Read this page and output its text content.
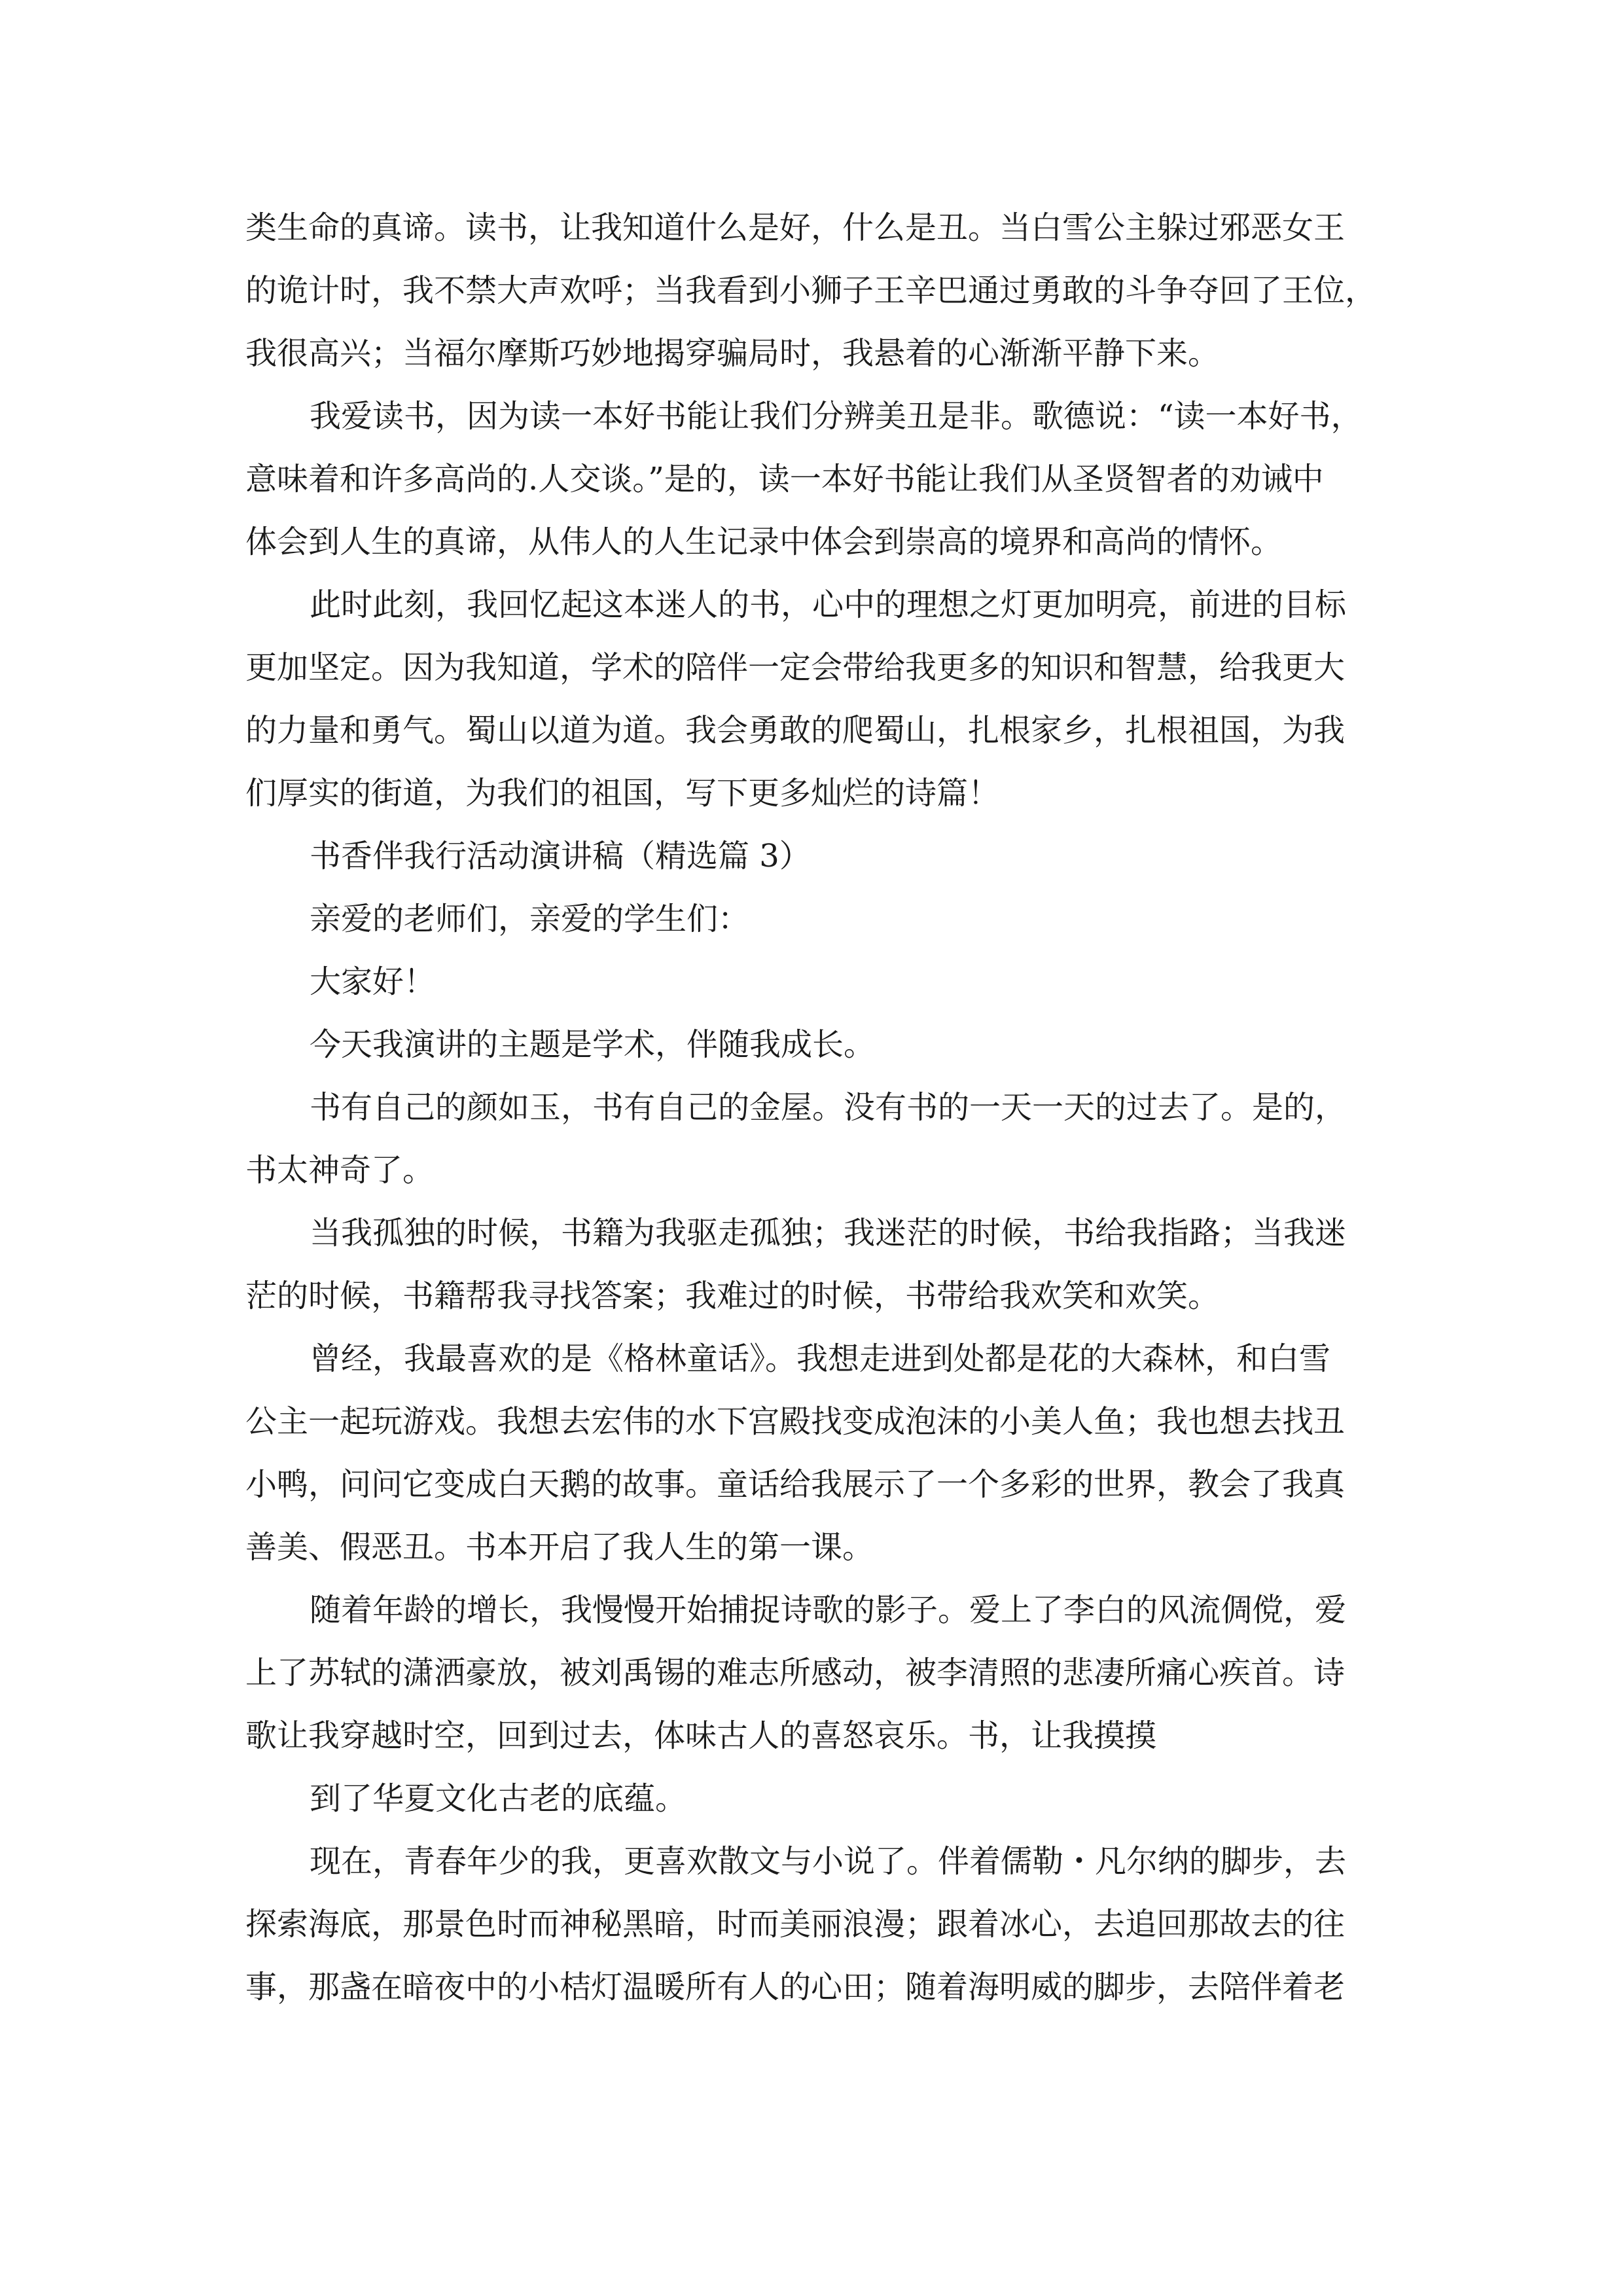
类生命的真谛。读书，让我知道什么是好，什么是丑。当白雪公主躲过邪恶女王
的诡计时，我不禁大声欢呼；当我看到小狮子王辛巴通过勇敢的斗争夺回了王位，
我很高兴；当福尔摩斯巧妙地揭穿骗局时，我悬着的心渐渐平静下来。
我爱读书，因为读一本好书能让我们分辨美丑是非。歌德说：“读一本好书，
意味着和许多高尚的.人交谈。”是的，读一本好书能让我们从圣贤智者的劝诫中
体会到人生的真谛，从伟人的人生记录中体会到崇高的境界和高尚的情怀。
此时此刻，我回忆起这本迷人的书，心中的理想之灯更加明亮，前进的目标
更加坚定。因为我知道，学术的陪伴一定会带给我更多的知识和智慧，给我更大
的力量和勇气。蜀山以道为道。我会勇敢的爬蜀山，扎根家乡，扎根祖国，为我
们厚实的街道，为我们的祖国，写下更多灿烂的诗篇！
书香伴我行活动演讲稿（精选篇 3）
亲爱的老师们，亲爱的学生们：
大家好！
今天我演讲的主题是学术，伴随我成长。
书有自己的颜如玉，书有自己的金屋。没有书的一天一天的过去了。是的，
书太神奇了。
当我孤独的时候，书籍为我驱走孤独；我迷茫的时候，书给我指路；当我迷
茫的时候，书籍帮我寻找答案；我难过的时候，书带给我欢笑和欢笑。
曾经，我最喜欢的是《格林童话》。我想走进到处都是花的大森林，和白雪
公主一起玩游戏。我想去宏伟的水下宫殿找变成泡沫的小美人鱼；我也想去找丑
小鸭，问问它变成白天鹅的故事。童话给我展示了一个多彩的世界，教会了我真
善美、假恶丑。书本开启了我人生的第一课。
随着年龄的增长，我慢慢开始捕捉诗歌的影子。爱上了李白的风流倜傥，爱
上了苏轼的潇洒豪放，被刘禹锡的难志所感动，被李清照的悲凄所痛心疾首。诗
歌让我穿越时空，回到过去，体味古人的喜怒哀乐。书，让我摸摸
到了华夏文化古老的底蕴。
现在，青春年少的我，更喜欢散文与小说了。伴着儒勒・凡尔纳的脚步，去
探索海底，那景色时而神秘黑暗，时而美丽浪漫；跟着冰心，去追回那故去的往
事，那盏在暗夜中的小桔灯温暖所有人的心田；随着海明威的脚步，去陪伴着老
